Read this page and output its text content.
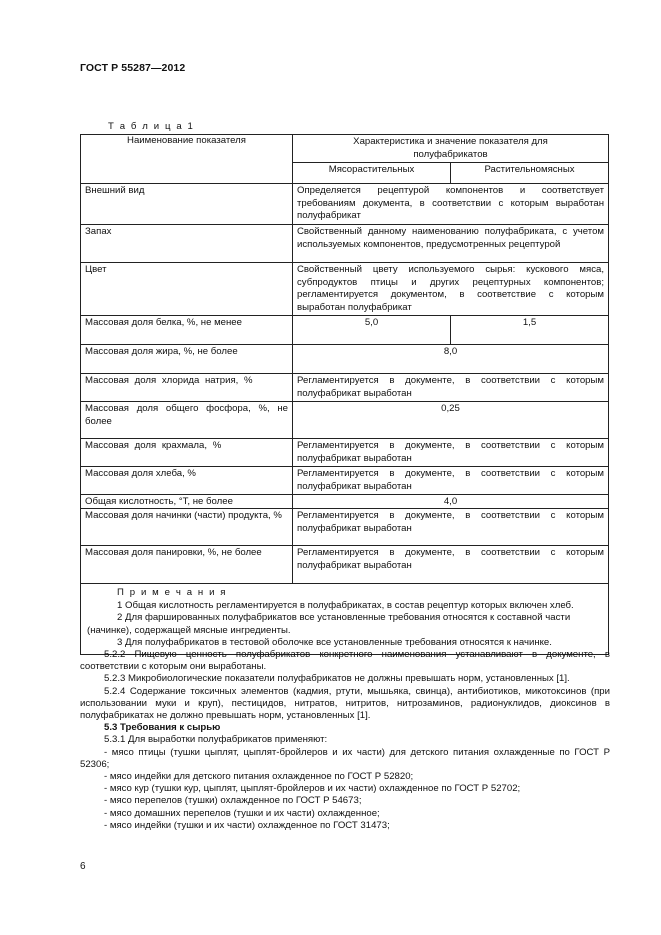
ГОСТ Р 55287—2012
Т а б л и ц а 1
Наименование показателя	Характеристика и значение показателя для полуфабрикатов	
	Мясорастительных	Растительномясных
Внешний вид	Определяется рецептурой компонентов и соответствует требованиям документа, в соответствии с которым выработан полуфабрикат	
Запах	Свойственный данному наименованию полуфабриката, с учетом используемых компонентов, предусмотренных рецептурой	
Цвет	Свойственный цвету используемого сырья: кускового мяса, субпродуктов птицы и других рецептурных компонентов; регламентируется документом, в соответствие с которым выработан полуфабрикат	
Массовая доля белка, %, не менее	5,0	1,5
Массовая доля жира, %, не более	8,0	
Массовая доля хлорида натрия, %	Регламентируется в документе, в соответствии с которым полуфабрикат выработан	
Массовая доля общего фосфора, %, не более	0,25	
Массовая доля крахмала, %	Регламентируется в документе, в соответствии с которым полуфабрикат выработан	
Массовая доля хлеба, %	Регламентируется в документе, в соответствии с которым полуфабрикат выработан	
Общая кислотность, °Т, не более	4,0	
Массовая доля начинки (части) продукта, %	Регламентируется в документе, в соответствии с которым полуфабрикат выработан	
Массовая доля панировки, %, не более	Регламентируется в документе, в соответствии с которым полуфабрикат выработан	

П р и м е ч а н и я
1 Общая кислотность регламентируется в полуфабрикатах, в состав рецептур которых включен хлеб.
2 Для фаршированных полуфабрикатов все установленные требования относятся к составной части (начинке), содержащей мясные ингредиенты.
3 Для полуфабрикатов в тестовой оболочке все установленные требования относятся к начинке.		

5.2.2 Пищевую ценность полуфабрикатов конкретного наименования устанавливают в документе, в соответствии с которым они выработаны.

5.2.3 Микробиологические показатели полуфабрикатов не должны превышать норм, установленных [1].

5.2.4 Содержание токсичных элементов (кадмия, ртути, мышьяка, свинца), антибиотиков, микотоксинов (при использовании муки и круп), пестицидов, нитратов, нитритов, нитрозаминов, радионуклидов, диоксинов в полуфабрикатах не должно превышать норм, установленных [1].

5.3 Требования к сырью

5.3.1 Для выработки полуфабрикатов применяют:

- мясо птицы (тушки цыплят, цыплят-бройлеров и их части) для детского питания охлажденные по ГОСТ Р 52306;

- мясо индейки для детского питания охлажденное по ГОСТ Р 52820;

- мясо кур (тушки кур, цыплят, цыплят-бройлеров и их части) охлажденное по ГОСТ Р 52702;

- мясо перепелов (тушки) охлажденное по ГОСТ Р 54673;

- мясо домашних перепелов (тушки и их части) охлажденное;

- мясо индейки (тушки и их части) охлажденное по ГОСТ 31473;

6
